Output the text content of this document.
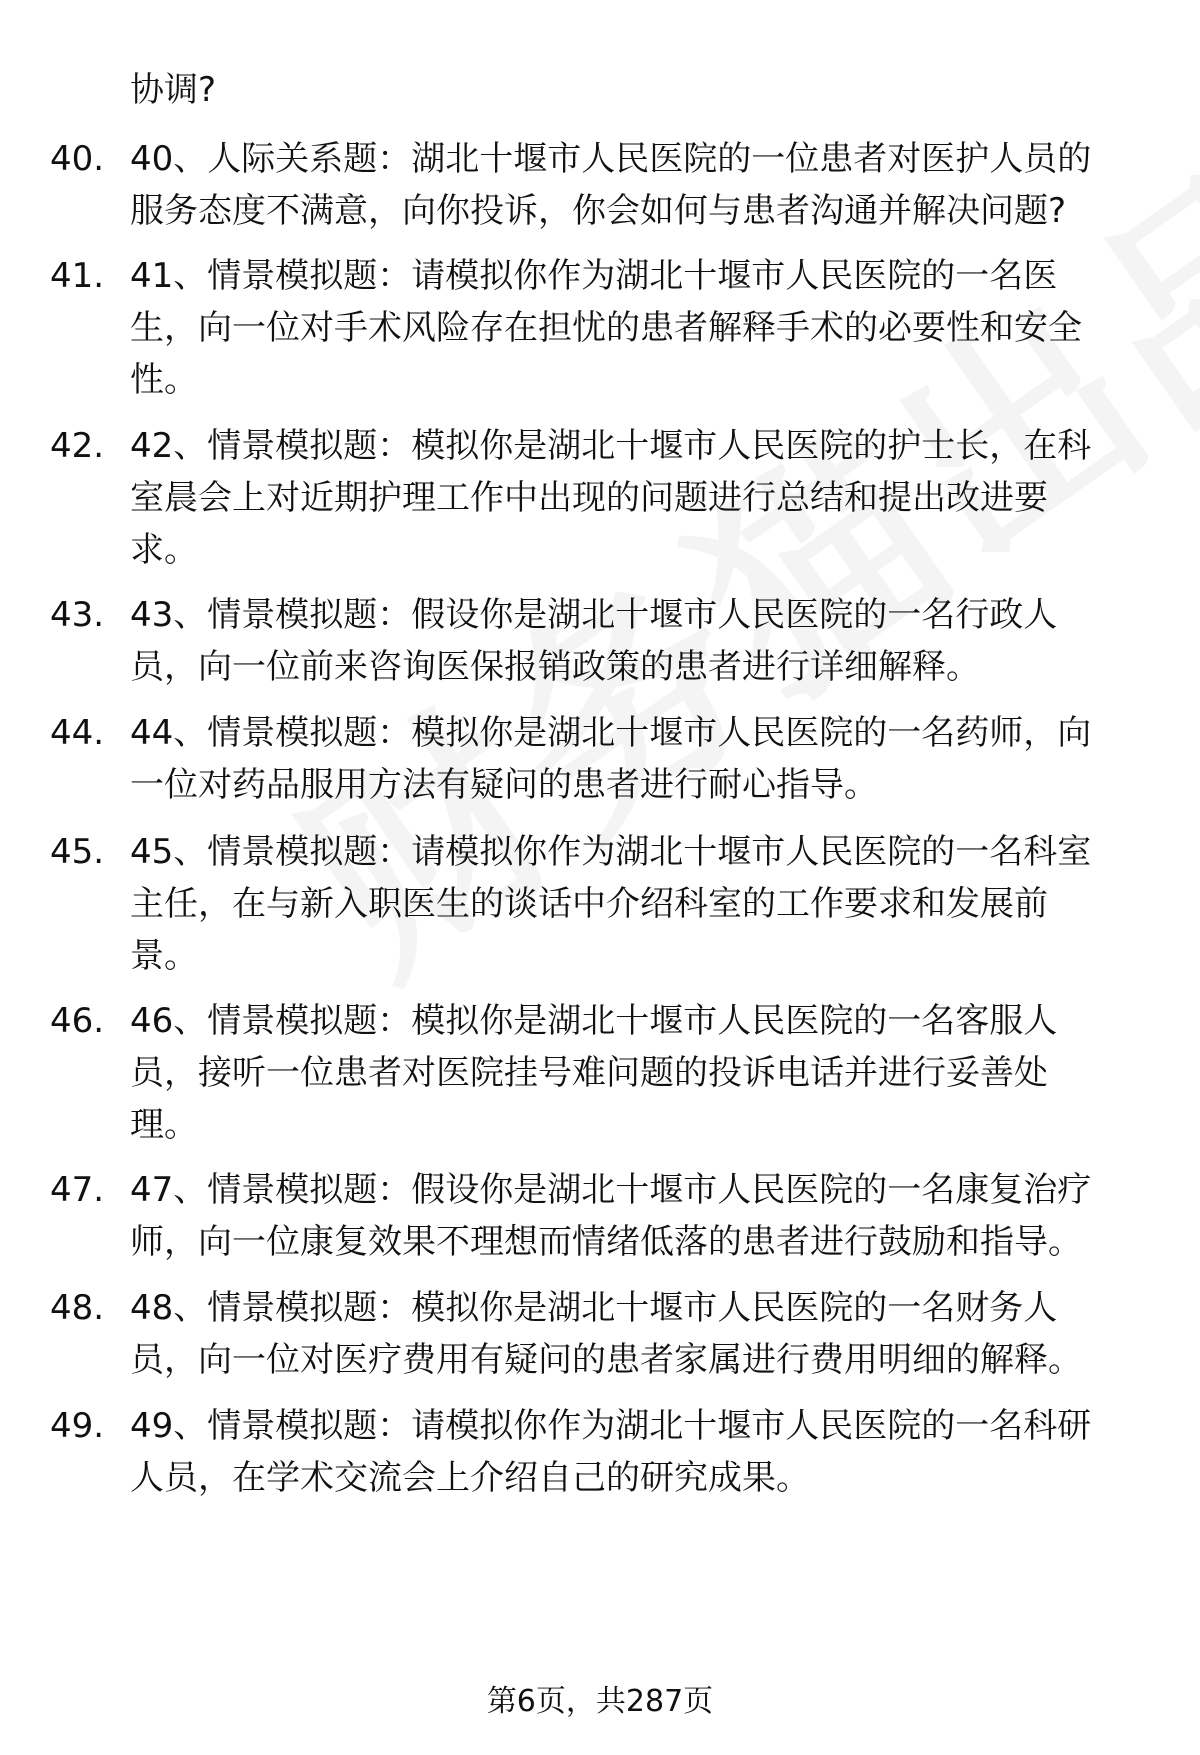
协调?
40. 40、人际关系题：湖北十堰市人民医院的一位患者对医护人员的
服务态度不满意，向你投诉，你会如何与患者沟通并解决问题?
41. 41、情景模拟题：请模拟你作为湖北十堰市人民医院的一名医
生，向一位对手术风险存在担忧的患者解释手术的必要性和安全
性。
42. 42、情景模拟题：模拟你是湖北十堰市人民医院的护士长，在科
室晨会上对近期护理工作中出现的问题进行总结和提出改进要
求。
43. 43、情景模拟题：假设你是湖北十堰市人民医院的一名行政人
员，向一位前来咨询医保报销政策的患者进行详细解释。
44. 44、情景模拟题：模拟你是湖北十堰市人民医院的一名药师，向
一位对药品服用方法有疑问的患者进行耐心指导。
45. 45、情景模拟题：请模拟你作为湖北十堰市人民医院的一名科室
主任，在与新入职医生的谈话中介绍科室的工作要求和发展前
景。
46. 46、情景模拟题：模拟你是湖北十堰市人民医院的一名客服人
员，接听一位患者对医院挂号难问题的投诉电话并进行妥善处
理。
47. 47、情景模拟题：假设你是湖北十堰市人民医院的一名康复治疗
师，向一位康复效果不理想而情绪低落的患者进行鼓励和指导。
48. 48、情景模拟题：模拟你是湖北十堰市人民医院的一名财务人
员，向一位对医疗费用有疑问的患者家属进行费用明细的解释。
49. 49、情景模拟题：请模拟你作为湖北十堰市人民医院的一名科研
人员，在学术交流会上介绍自己的研究成果。
第6页，共287页
